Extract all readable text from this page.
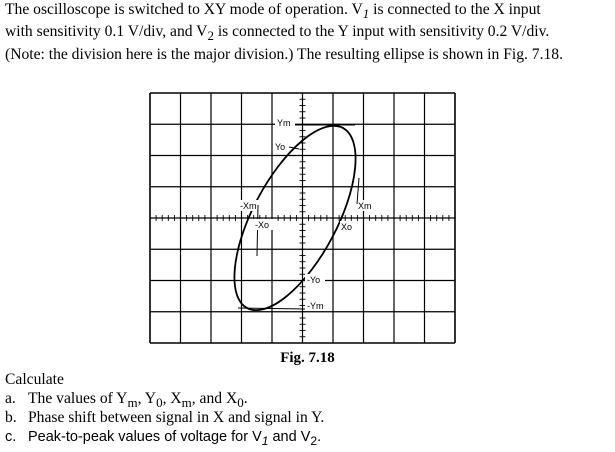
The oscilloscope is switched to XY mode of operation. $V_1$ is connected to the X input

with sensitivity 0.1 V/div, and $V_2$ is connected to the Y input with sensitivity 0.2 V/div.

(Note: the division here is the major division.) The resulting ellipse is shown in Fig. 7.18.

Ym
Yo
-Xm
-Xo
Xm
Xo
-Yo
-Ym
Fig. 7.18
Calculate
a. The values of $Y_m$, $Y_0$, $X_m$, and $X_0$.
b. Phase shift between signal in X and signal in Y.
c. Peak-to-peak values of voltage for $V_1$ and $V_2$.
